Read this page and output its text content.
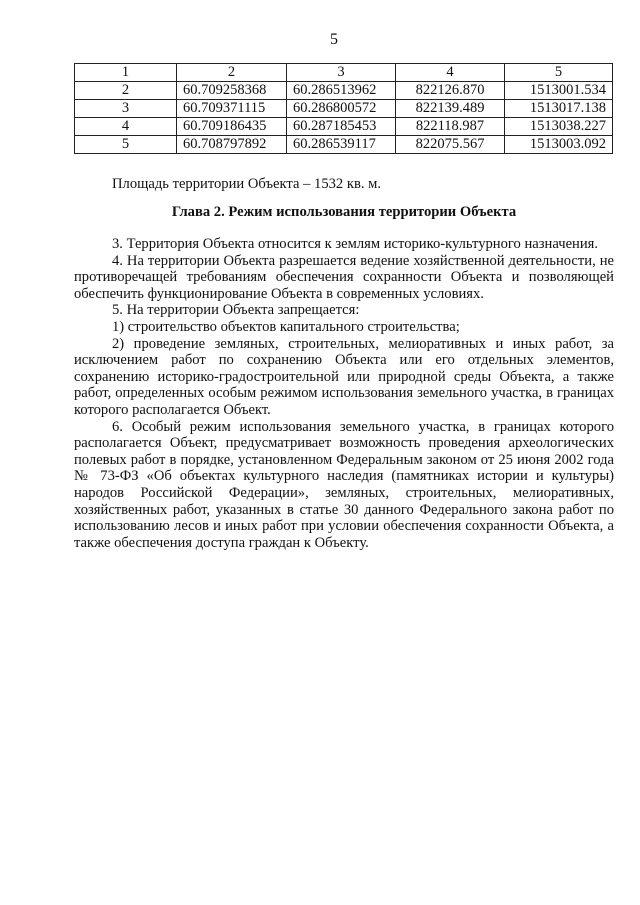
5
1	2	3	4	5
2	60.709258368	60.286513962	822126.870	1513001.534
3	60.709371115	60.286800572	822139.489	1513017.138
4	60.709186435	60.287185453	822118.987	1513038.227
5	60.708797892	60.286539117	822075.567	1513003.092
Площадь территории Объекта – 1532 кв. м.
Глава 2. Режим использования территории Объекта

3. Территория Объекта относится к землям историко-культурного назначения.

4. На территории Объекта разрешается ведение хозяйственной деятельности, не противоречащей требованиям обеспечения сохранности Объекта и позволяющей обеспечить функционирование Объекта в современных условиях.

5. На территории Объекта запрещается:

1) строительство объектов капитального строительства;

2) проведение земляных, строительных, мелиоративных и иных работ, за исключением работ по сохранению Объекта или его отдельных элементов, сохранению историко-градостроительной или природной среды Объекта, а также работ, определенных особым режимом использования земельного участка, в границах которого располагается Объект.

6. Особый режим использования земельного участка, в границах которого располагается Объект, предусматривает возможность проведения археологических полевых работ в порядке, установленном Федеральным законом от 25 июня 2002 года № 73-ФЗ «Об объектах культурного наследия (памятниках истории и культуры) народов Российской Федерации», земляных, строительных, мелиоративных, хозяйственных работ, указанных в статье 30 данного Федерального закона работ по использованию лесов и иных работ при условии обеспечения сохранности Объекта, а также обеспечения доступа граждан к Объекту.
